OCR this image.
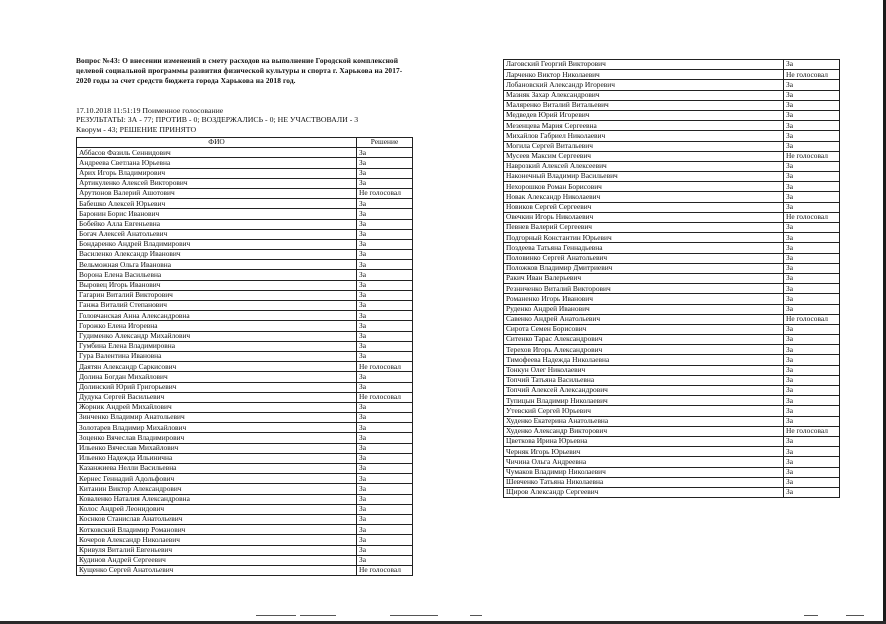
Вопрос №43: О внесении изменений в смету расходов на выполнение Городской комплексной целевой социальной программы развития физической культуры и спорта г. Харькова на 2017-2020 годы за счет средств бюджета города Харькова на 2018 год.

17.10.2018 11:51:19 Поименное голосование
РЕЗУЛЬТАТЫ: ЗА - 77; ПРОТИВ - 0; ВОЗДЕРЖАЛИСЬ - 0; НЕ УЧАСТВОВАЛИ - 3
Кворум - 43; РЕШЕНИЕ ПРИНЯТО
ФИО	Решение
Аббасов Фазиль Сеннидович	За
Андреева Светлана Юрьевна	За
Арих Игорь Владимирович	За
Артикуленко Алексей Викторович	За
Арутюнов Валерий Ашотович	Не голосовал
Бабешко Алексей Юрьевич	За
Баронин Борис Иванович	За
Бобейко Алла Евгеньевна	За
Богач Алексей Анатольевич	За
Бондаренко Андрей Владимирович	За
Василенко Александр Иванович	За
Вельможная Ольга Ивановна	За
Ворона Елена Васильевна	За
Выровец Игорь Иванович	За
Гагарин Виталий Викторович	За
Ганжа Виталий Степанович	За
Головчанская Анна Александровна	За
Горожко Елена Игоревна	За
Гудименко Александр Михайлович	За
Гумбина Елена Владимировна	За
Гура Валентина Ивановна	За
Даятян Александр Саркисович	Не голосовал
Долина Богдан Михайлович	За
Долинский Юрий Григорьевич	За
Дудука Сергей Васильевич	Не голосовал
Жорник Андрей Михайлович	За
Зинченко Владимир Анатольевич	За
Золотарев Владимир Михайлович	За
Зоценко Вячеслав Владимирович	За
Ильенко Вячеслав Михайлович	За
Ильенко Надежда Ильинична	За
Казанжиева Нелли Васильевна	За
Кернес Геннадий Адольфович	За
Китанин Виктор Александрович	За
Коваленко Наталия Александровна	За
Колос Андрей Леонидович	За
Коснков Станислав Анатольевич	За
Котковский Владимир Романович	За
Кочеров Александр Николаевич	За
Кривуля Виталий Евгеньевич	За
Кудинов Андрей Сергеевич	За
Кущенко Сергей Анатольевич	Не голосовал
Лаговский Георгий Викторович	За
Ларченко Виктор Николаевич	Не голосовал
Лобановский Александр Игоревич	За
Мазняк Захар Александрович	За
Маляренко Виталий Витальевич	За
Медведев Юрий Игоревич	За
Мезенцева Мария Сергеевна	За
Михайлов Габриел Николаевич	За
Могила Сергей Витальевич	За
Мусеев Максим Сергеевич	Не голосовал
Наврозкий Алексей Алексеевич	За
Наконечный Владимир Васильевич	За
Нехорошков Роман Борисович	За
Новак Александр Николаевич	За
Новиков Сергей Сергеевич	За
Овечкин Игорь Николаевич	Не голосовал
Певнев Валерий Сергеевич	За
Подгорный Константин Юрьевич	За
Поздеева Татьяна Геннадьевна	За
Половинко Сергей Анатольевич	За
Положков Владимир Дмитриевич	За
Ракич Иван Валерьевич	За
Резниченко Виталий Викторович	За
Романенко Игорь Иванович	За
Руденко Андрей Иванович	За
Савенко Андрей Анатольевич	Не голосовал
Сирота Семен Борисович	За
Ситенко Тарас Александрович	За
Терехов Игорь Александрович	За
Тимофеева Надежда Николаевна	За
Тонкун Олег Николаевич	За
Топчий Татьяна Васильевна	За
Топчий Алексей Александрович	За
Тупицын Владимир Николаевич	За
Утевский Сергей Юрьевич	За
Худенко Екатерина Анатольевна	За
Худенко Александр Викторович	Не голосовал
Цветкова Ирина Юрьевна	За
Черняк Игорь Юрьевич	За
Чичина Ольга Андреевна	За
Чумаков Владимир Николаевич	За
Шевченко Татьяна Николаевна	За
Щиров Александр Сергеевич	За
